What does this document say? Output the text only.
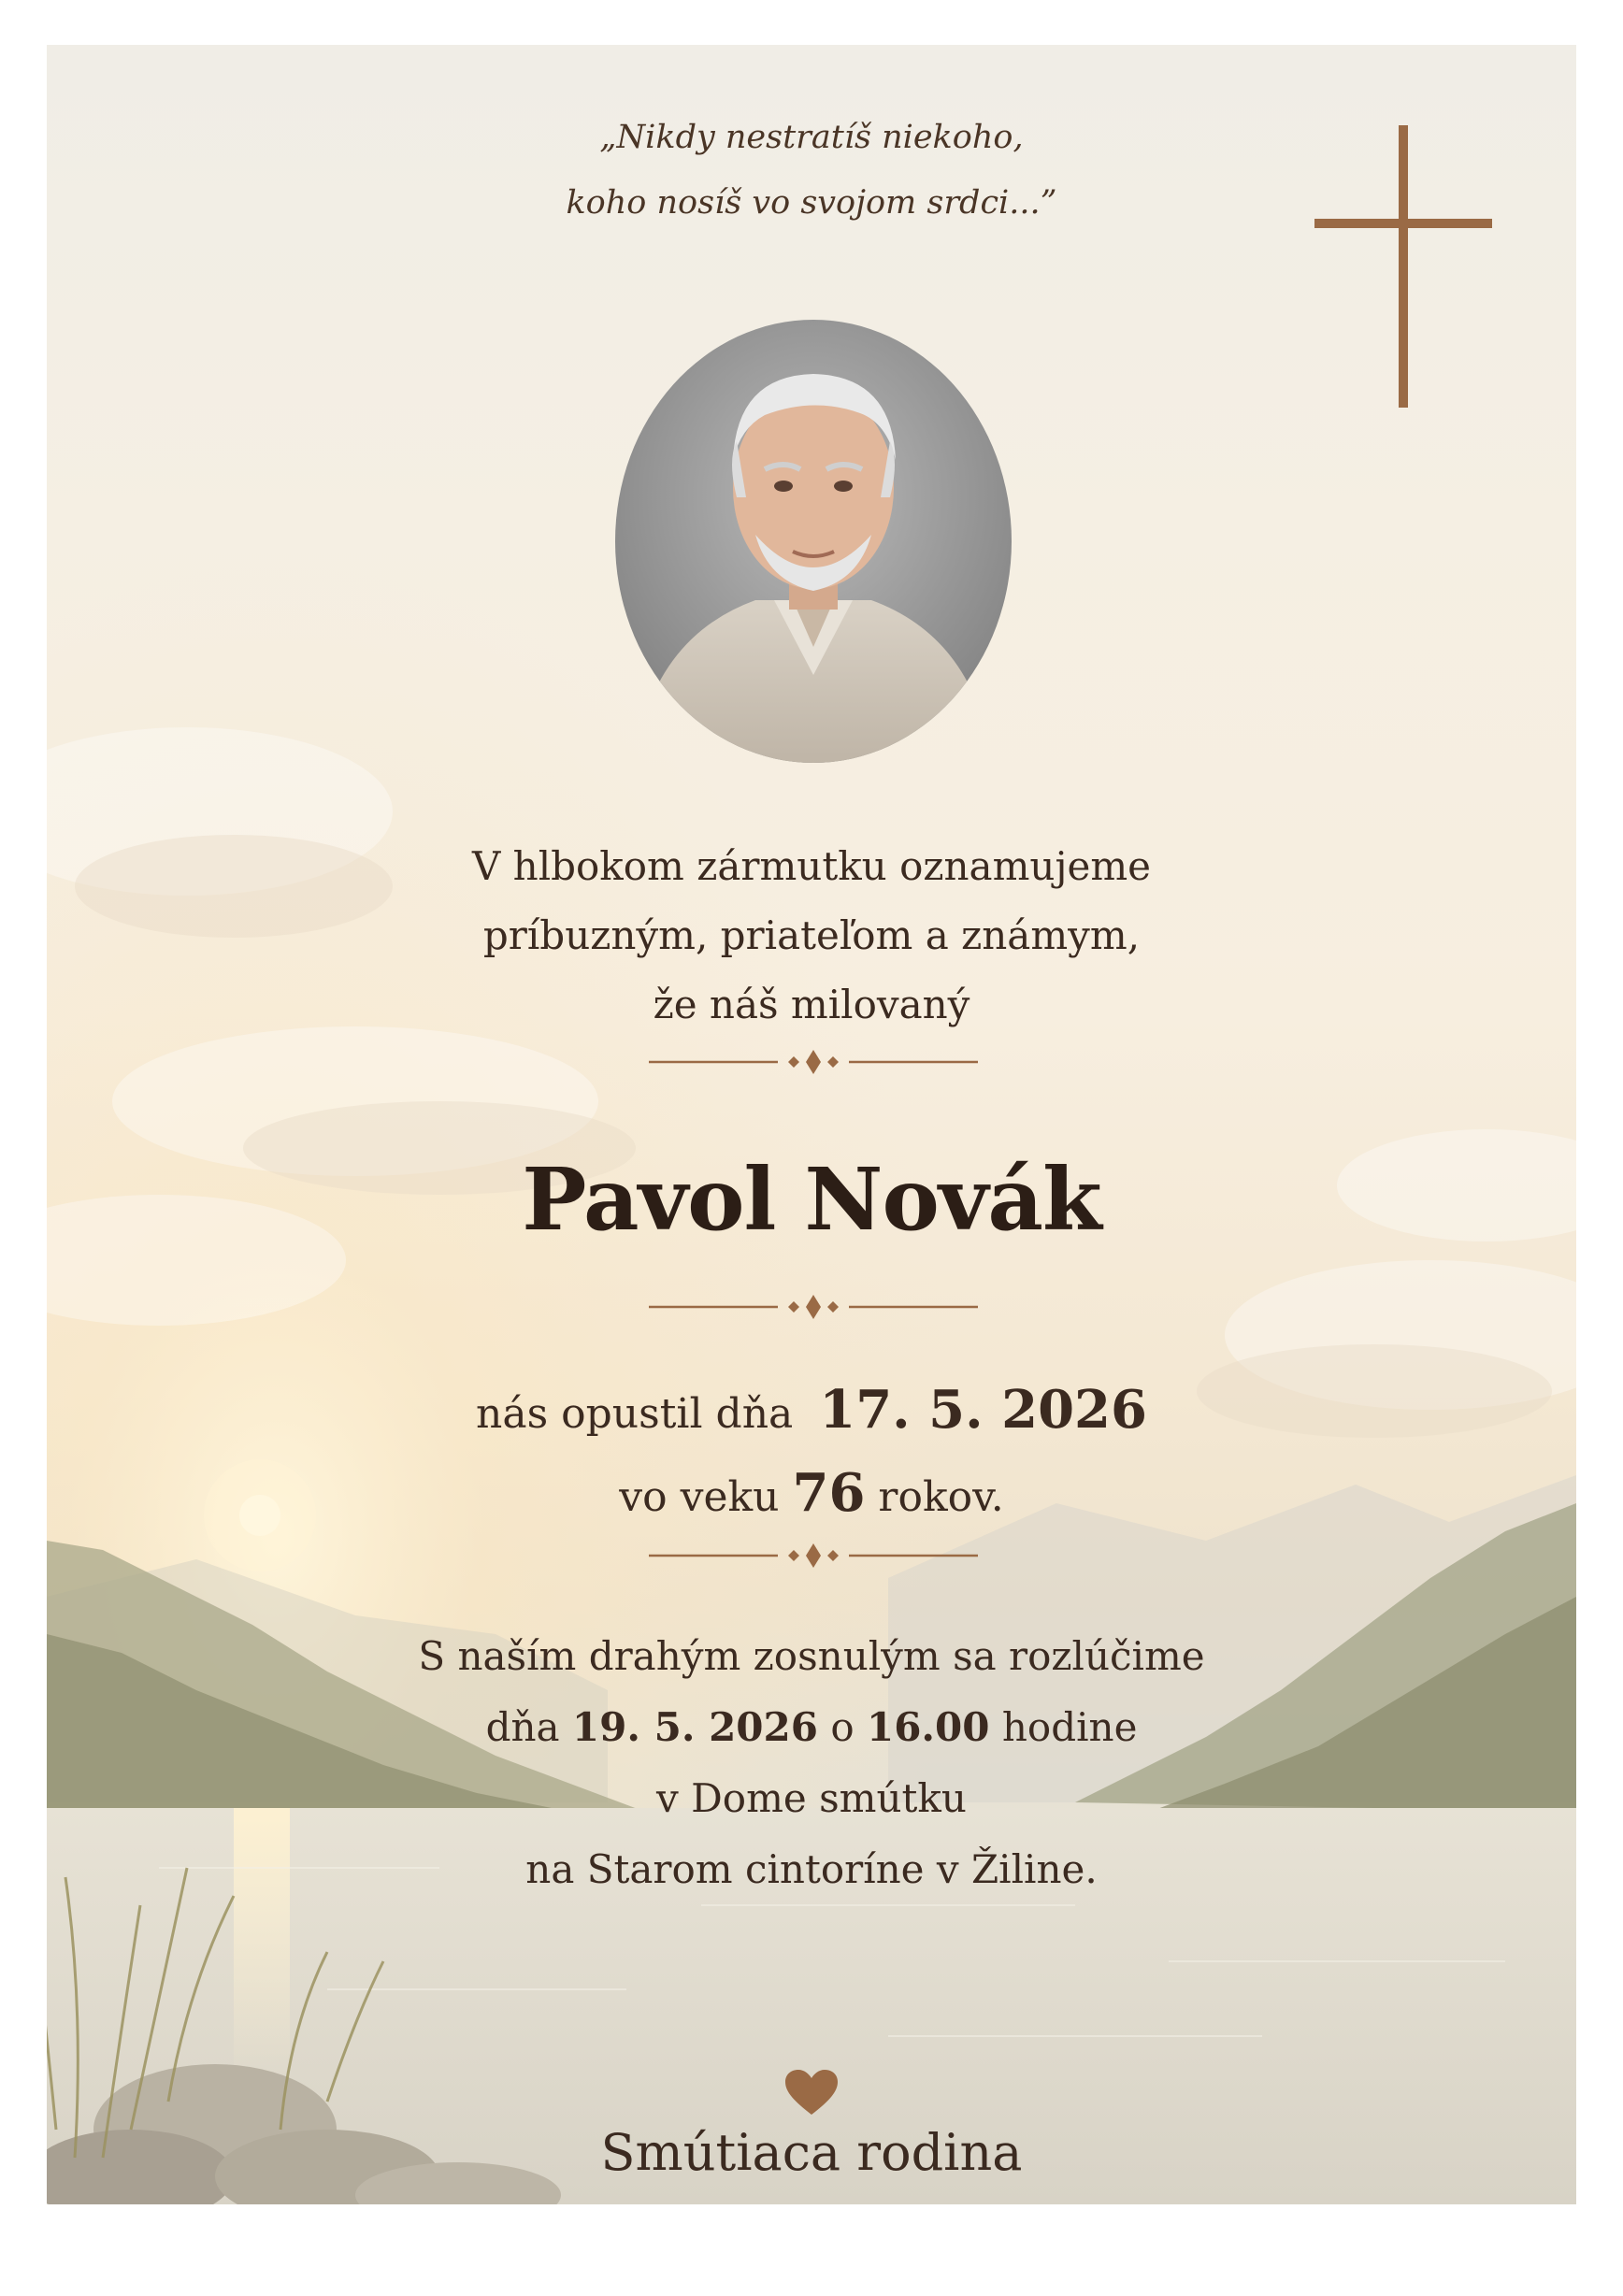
„Nikdy nestratíš niekoho,
koho nosíš vo svojom srdci...”
V hlbokom zármutku oznamujeme
príbuzným, priateľom a známym,
že náš milovaný
Pavol Novák
nás opustil dňa 17. 5. 2026
vo veku 76 rokov.
S naším drahým zosnulým sa rozlúčime
dňa 19. 5. 2026 o 16.00 hodine
v Dome smútku
na Starom cintoríne v Žiline.
Smútiaca rodina
